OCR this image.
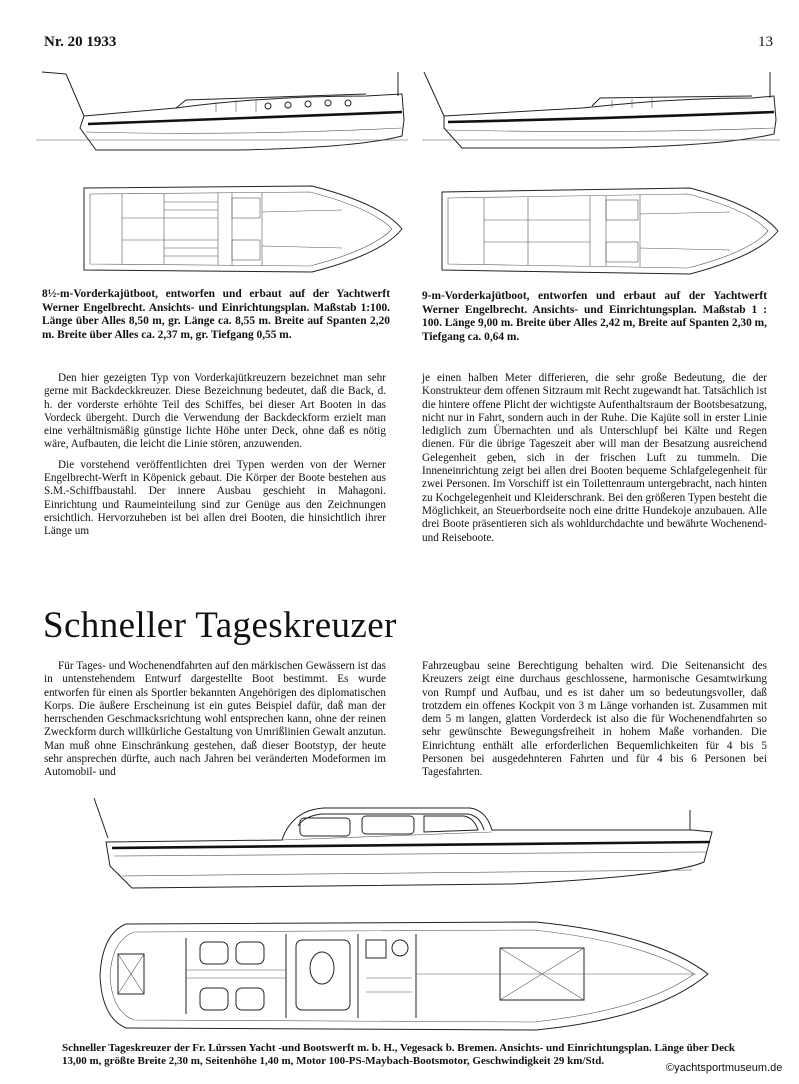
Nr. 20 1933	13
8½-m-Vorderkajütboot, entworfen und erbaut auf der Yachtwerft Werner Engelbrecht. Ansichts- und Einrichtungsplan. Maßstab 1:100. Länge über Alles 8,50 m, gr. Länge ca. 8,55 m. Breite auf Spanten 2,20 m. Breite über Alles ca. 2,37 m, gr. Tiefgang 0,55 m.
9-m-Vorderkajütboot, entworfen und erbaut auf der Yachtwerft Werner Engelbrecht. Ansichts- und Einrichtungsplan. Maßstab 1 : 100. Länge 9,00 m. Breite über Alles 2,42 m, Breite auf Spanten 2,30 m, Tiefgang ca. 0,64 m.

Den hier gezeigten Typ von Vorderkajütkreuzern bezeichnet man sehr gerne mit Backdeckkreuzer. Diese Bezeichnung bedeutet, daß die Back, d. h. der vorderste erhöhte Teil des Schiffes, bei dieser Art Booten in das Vordeck übergeht. Durch die Verwendung der Backdeckform erzielt man eine verhältnismäßig günstige lichte Höhe unter Deck, ohne daß es nötig wäre, Aufbauten, die leicht die Linie stören, anzuwenden.

Die vorstehend veröffentlichten drei Typen werden von der Werner Engelbrecht-Werft in Köpenick gebaut. Die Körper der Boote bestehen aus S.M.-Schiffbaustahl. Der innere Ausbau geschieht in Mahagoni. Einrichtung und Raumeinteilung sind zur Genüge aus den Zeichnungen ersichtlich. Hervorzuheben ist bei allen drei Booten, die hinsichtlich ihrer Länge um

je einen halben Meter differieren, die sehr große Bedeutung, die der Konstrukteur dem offenen Sitzraum mit Recht zugewandt hat. Tatsächlich ist die hintere offene Plicht der wichtigste Aufenthaltsraum der Bootsbesatzung, nicht nur in Fahrt, sondern auch in der Ruhe. Die Kajüte soll in erster Linie lediglich zum Übernachten und als Unterschlupf bei Kälte und Regen dienen. Für die übrige Tageszeit aber will man der Besatzung ausreichend Gelegenheit geben, sich in der frischen Luft zu tummeln. Die Inneneinrichtung zeigt bei allen drei Booten bequeme Schlafgelegenheit für zwei Personen. Im Vorschiff ist ein Toilettenraum untergebracht, nach hinten zu Kochgelegenheit und Kleiderschrank. Bei den größeren Typen besteht die Möglichkeit, an Steuerbordseite noch eine dritte Hundekoje anzubauen. Alle drei Boote präsentieren sich als wohldurchdachte und bewährte Wochenend- und Reiseboote.

Schneller Tageskreuzer

Für Tages- und Wochenendfahrten auf den märkischen Gewässern ist das in untenstehendem Entwurf dargestellte Boot bestimmt. Es wurde entworfen für einen als Sportler bekannten Angehörigen des diplomatischen Korps. Die äußere Erscheinung ist ein gutes Beispiel dafür, daß man der herrschenden Geschmacksrichtung wohl entsprechen kann, ohne der reinen Zweckform durch willkürliche Gestaltung von Umrißlinien Gewalt anzutun. Man muß ohne Einschränkung gestehen, daß dieser Bootstyp, der heute sehr ansprechen dürfte, auch nach Jahren bei veränderten Modeformen im Automobil- und

Fahrzeugbau seine Berechtigung behalten wird. Die Seitenansicht des Kreuzers zeigt eine durchaus geschlossene, harmonische Gesamtwirkung von Rumpf und Aufbau, und es ist daher um so bedeutungsvoller, daß trotzdem ein offenes Kockpit von 3 m Länge vorhanden ist. Zusammen mit dem 5 m langen, glatten Vorderdeck ist also die für Wochenendfahrten so sehr gewünschte Bewegungsfreiheit in hohem Maße vorhanden. Die Einrichtung enthält alle erforderlichen Bequemlichkeiten für 4 bis 5 Personen bei ausgedehnteren Fahrten und für 4 bis 6 Personen bei Tagesfahrten.

Schneller Tageskreuzer der Fr. Lürssen Yacht -und Bootswerft m. b. H., Vegesack b. Bremen. Ansichts- und Einrichtungsplan. Länge über Deck 13,00 m, größte Breite 2,30 m, Seitenhöhe 1,40 m, Motor 100-PS-Maybach-Bootsmotor, Geschwindigkeit 29 km/Std.
©yachtsportmuseum.de
